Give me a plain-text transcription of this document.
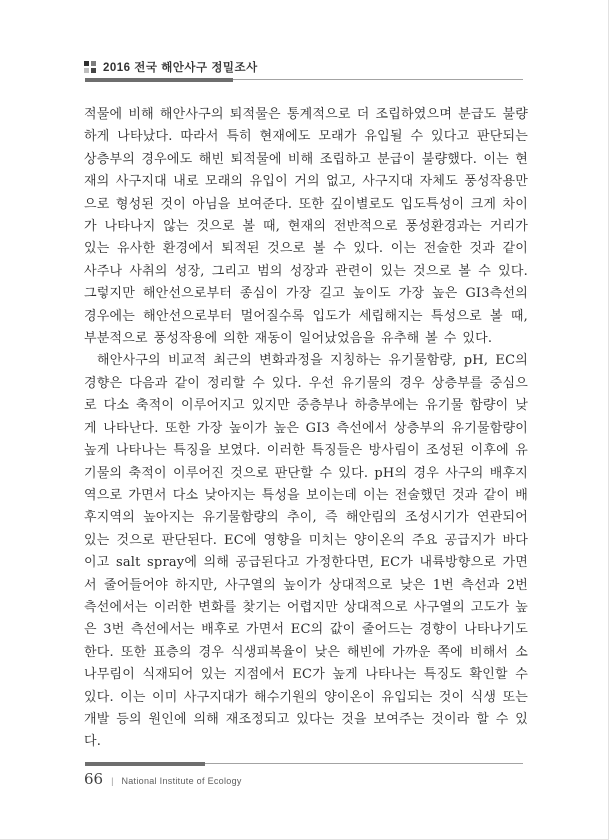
2016 전국 해안사구 정밀조사

적물에 비해 해안사구의 퇴적물은 통계적으로 더 조립하였으며 분급도 불량하게 나타났다. 따라서 특히 현재에도 모래가 유입될 수 있다고 판단되는 상층부의 경우에도 해빈 퇴적물에 비해 조립하고 분급이 불량했다. 이는 현재의 사구지대 내로 모래의 유입이 거의 없고, 사구지대 자체도 풍성작용만으로 형성된 것이 아님을 보여준다. 또한 깊이별로도 입도특성이 크게 차이가 나타나지 않는 것으로 볼 때, 현재의 전반적으로 풍성환경과는 거리가 있는 유사한 환경에서 퇴적된 것으로 볼 수 있다. 이는 전술한 것과 같이 사주나 사취의 성장, 그리고 범의 성장과 관련이 있는 것으로 볼 수 있다. 그렇지만 해안선으로부터 종심이 가장 길고 높이도 가장 높은 GI3측선의 경우에는 해안선으로부터 멀어질수록 입도가 세립해지는 특성으로 볼 때, 부분적으로 풍성작용에 의한 재동이 일어났었음을 유추해 볼 수 있다.

해안사구의 비교적 최근의 변화과정을 지칭하는 유기물함량, pH, EC의 경향은 다음과 같이 정리할 수 있다. 우선 유기물의 경우 상층부를 중심으로 다소 축적이 이루어지고 있지만 중층부나 하층부에는 유기물 함량이 낮게 나타난다. 또한 가장 높이가 높은 GI3 측선에서 상층부의 유기물함량이 높게 나타나는 특징을 보였다. 이러한 특징들은 방사림이 조성된 이후에 유기물의 축적이 이루어진 것으로 판단할 수 있다. pH의 경우 사구의 배후지역으로 가면서 다소 낮아지는 특성을 보이는데 이는 전술했던 것과 같이 배후지역의 높아지는 유기물함량의 추이, 즉 해안림의 조성시기가 연관되어 있는 것으로 판단된다. EC에 영향을 미치는 양이온의 주요 공급지가 바다이고 salt spray에 의해 공급된다고 가정한다면, EC가 내륙방향으로 가면서 줄어들어야 하지만, 사구열의 높이가 상대적으로 낮은 1번 측선과 2번 측선에서는 이러한 변화를 찾기는 어렵지만 상대적으로 사구열의 고도가 높은 3번 측선에서는 배후로 가면서 EC의 값이 줄어드는 경향이 나타나기도 한다. 또한 표층의 경우 식생피복율이 낮은 해빈에 가까운 쪽에 비해서 소나무림이 식재되어 있는 지점에서 EC가 높게 나타나는 특징도 확인할 수 있다. 이는 이미 사구지대가 해수기원의 양이온이 유입되는 것이 식생 또는 개발 등의 원인에 의해 재조정되고 있다는 것을 보여주는 것이라 할 수 있다.

66 | National Institute of Ecology
